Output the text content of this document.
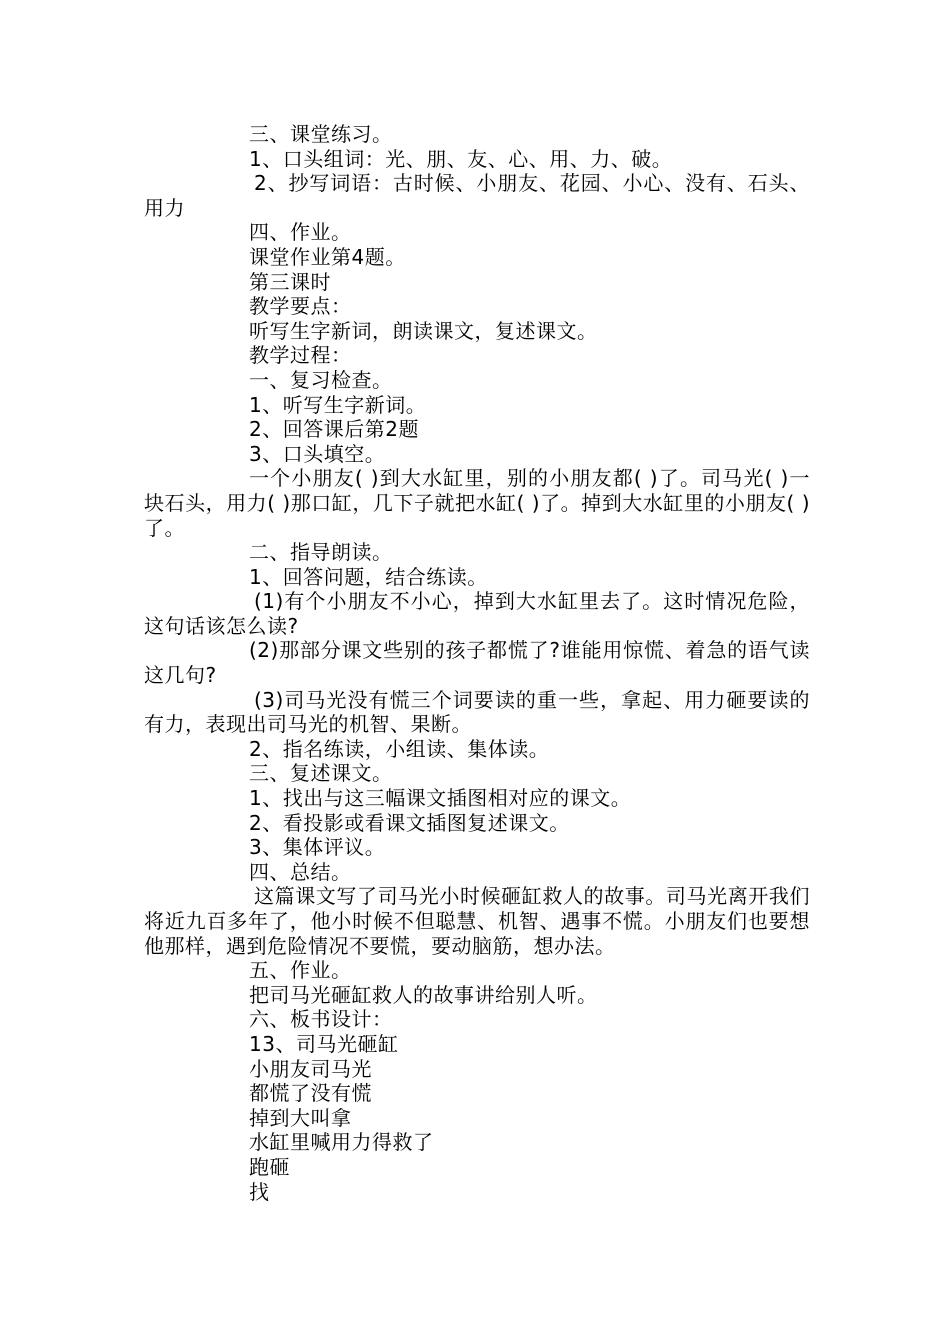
三、课堂练习。

1、口头组词：光、朋、友、心、用、力、破。

2、抄写词语：古时候、小朋友、花园、小心、没有、石头、用力

四、作业。

课堂作业第4题。

第三课时

教学要点：

听写生字新词，朗读课文，复述课文。

教学过程：

一、复习检查。

1、听写生字新词。

2、回答课后第2题

3、口头填空。

一个小朋友( )到大水缸里，别的小朋友都( )了。司马光( )一块石头，用力( )那口缸，几下子就把水缸( )了。掉到大水缸里的小朋友( )了。

二、指导朗读。

1、回答问题，结合练读。

(1)有个小朋友不小心，掉到大水缸里去了。这时情况危险，这句话该怎么读?

(2)那部分课文些别的孩子都慌了?谁能用惊慌、着急的语气读这几句?

(3)司马光没有慌三个词要读的重一些，拿起、用力砸要读的有力，表现出司马光的机智、果断。

2、指名练读，小组读、集体读。

三、复述课文。

1、找出与这三幅课文插图相对应的课文。

2、看投影或看课文插图复述课文。

3、集体评议。

四、总结。

这篇课文写了司马光小时候砸缸救人的故事。司马光离开我们将近九百多年了，他小时候不但聪慧、机智、遇事不慌。小朋友们也要想他那样，遇到危险情况不要慌，要动脑筋，想办法。

五、作业。

把司马光砸缸救人的故事讲给别人听。

六、板书设计：

13、司马光砸缸

小朋友司马光

都慌了没有慌

掉到大叫拿

水缸里喊用力得救了

跑砸

找
